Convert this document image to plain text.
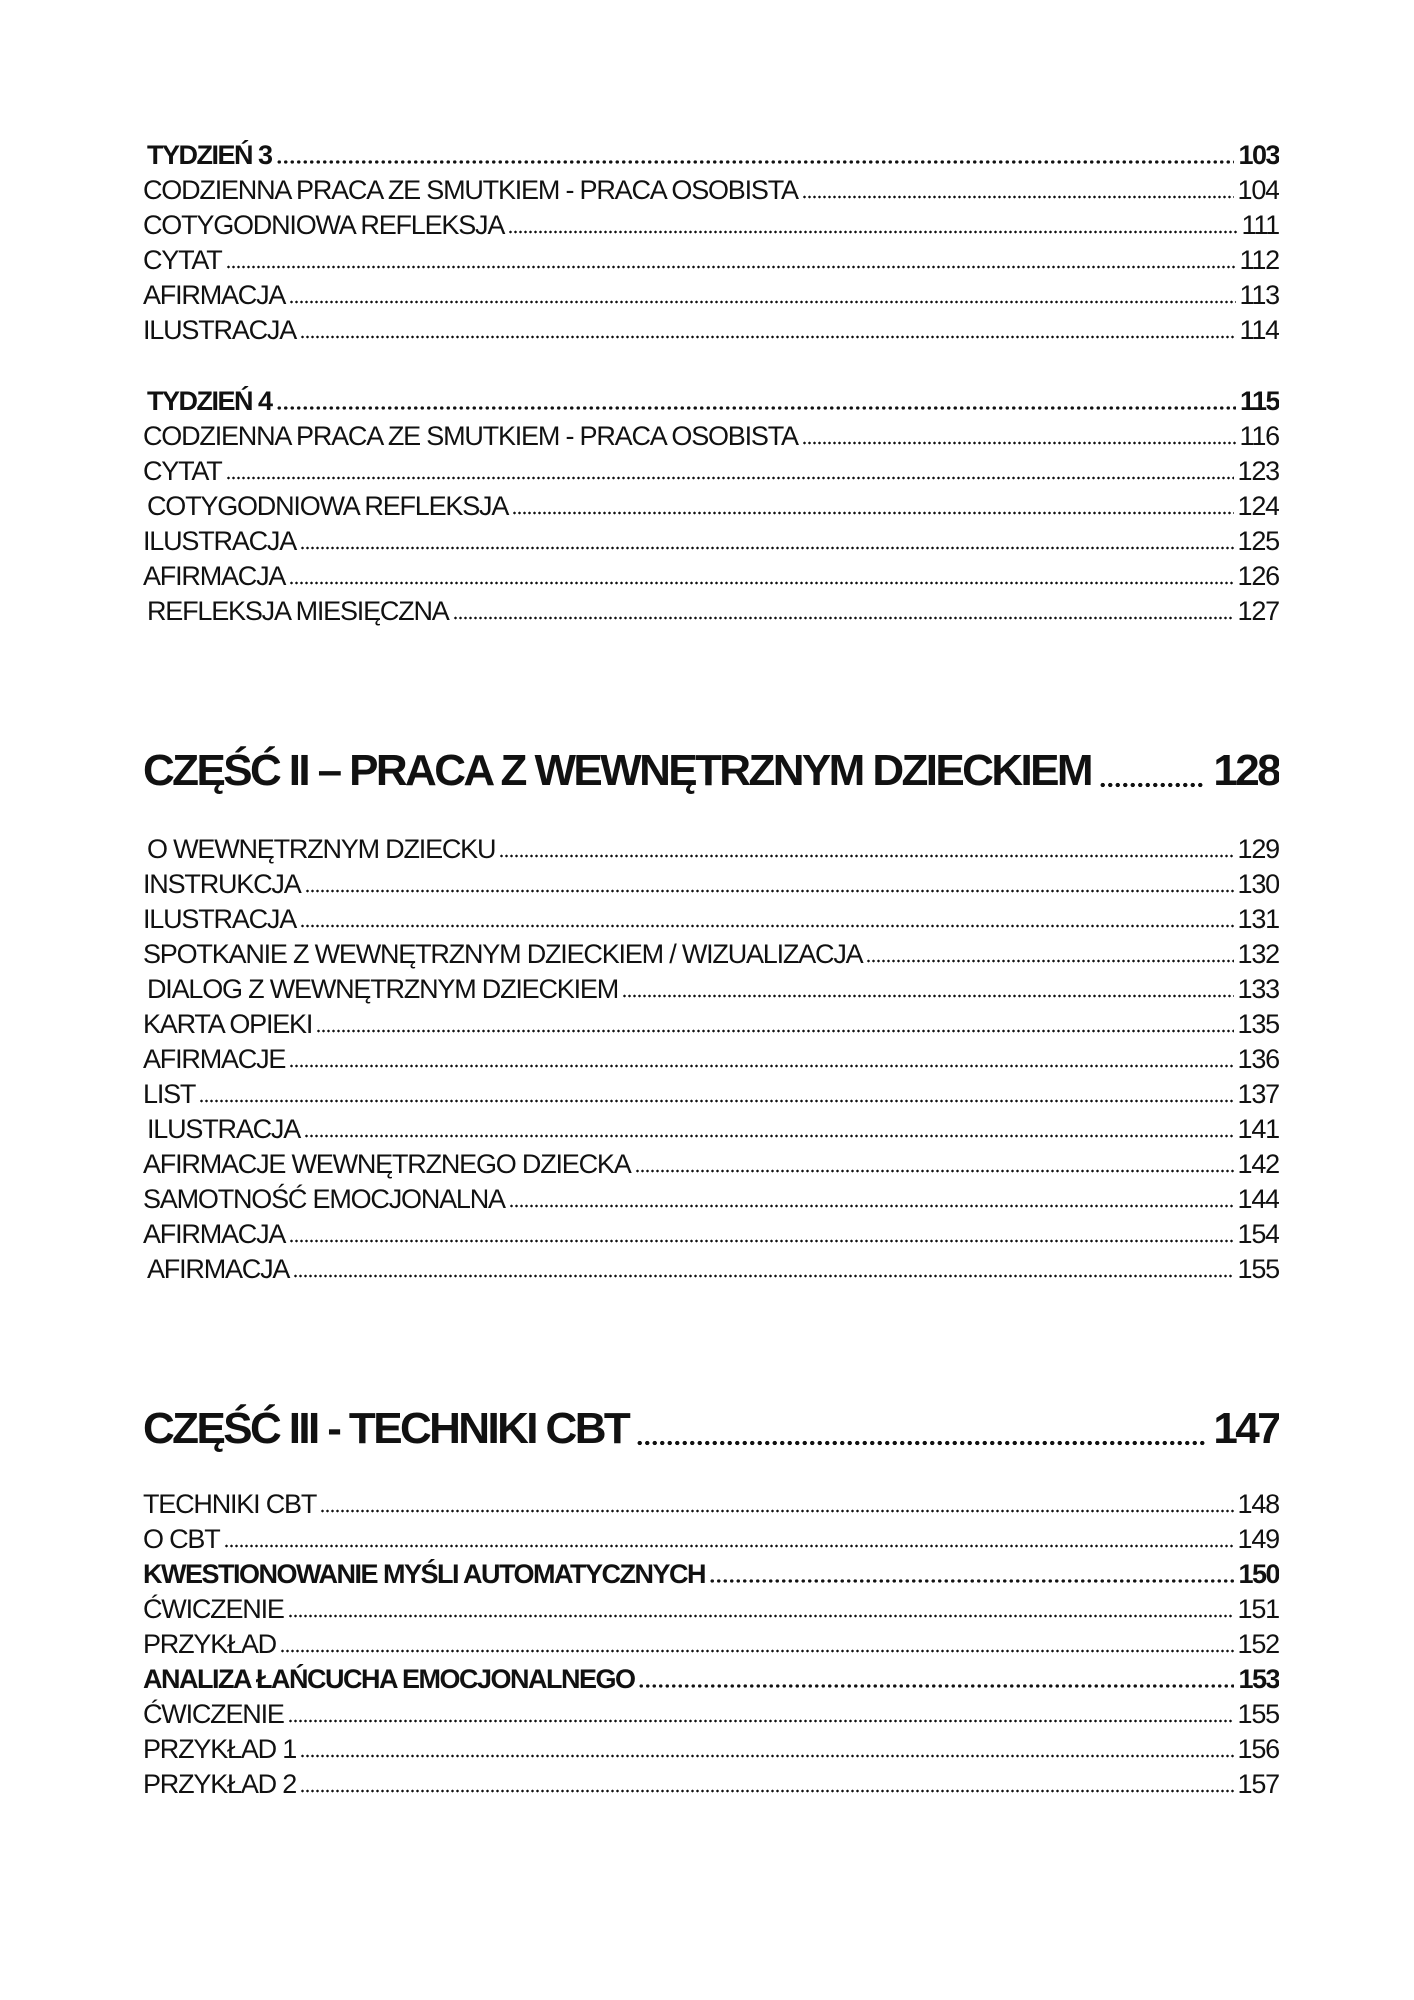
TYDZIEŃ 3	103
CODZIENNA PRACA ZE SMUTKIEM - PRACA OSOBISTA	104
COTYGODNIOWA REFLEKSJA	111
CYTAT	112
AFIRMACJA	113
ILUSTRACJA	114
TYDZIEŃ 4	115
CODZIENNA PRACA ZE SMUTKIEM - PRACA OSOBISTA	116
CYTAT	123
COTYGODNIOWA REFLEKSJA	124
ILUSTRACJA	125
AFIRMACJA	126
REFLEKSJA MIESIĘCZNA	127
CZĘŚĆ II – PRACA Z WEWNĘTRZNYM DZIECKIEM	128
O WEWNĘTRZNYM DZIECKU	129
INSTRUKCJA	130
ILUSTRACJA	131
SPOTKANIE Z WEWNĘTRZNYM DZIECKIEM / WIZUALIZACJA	132
DIALOG Z WEWNĘTRZNYM DZIECKIEM	133
KARTA OPIEKI	135
AFIRMACJE	136
LIST	137
ILUSTRACJA	141
AFIRMACJE WEWNĘTRZNEGO DZIECKA	142
SAMOTNOŚĆ EMOCJONALNA	144
AFIRMACJA	154
AFIRMACJA	155
CZĘŚĆ III - TECHNIKI CBT	147
TECHNIKI CBT	148
O CBT	149
KWESTIONOWANIE MYŚLI AUTOMATYCZNYCH	150
ĆWICZENIE	151
PRZYKŁAD	152
ANALIZA ŁAŃCUCHA EMOCJONALNEGO	153
ĆWICZENIE	155
PRZYKŁAD 1	156
PRZYKŁAD 2	157
